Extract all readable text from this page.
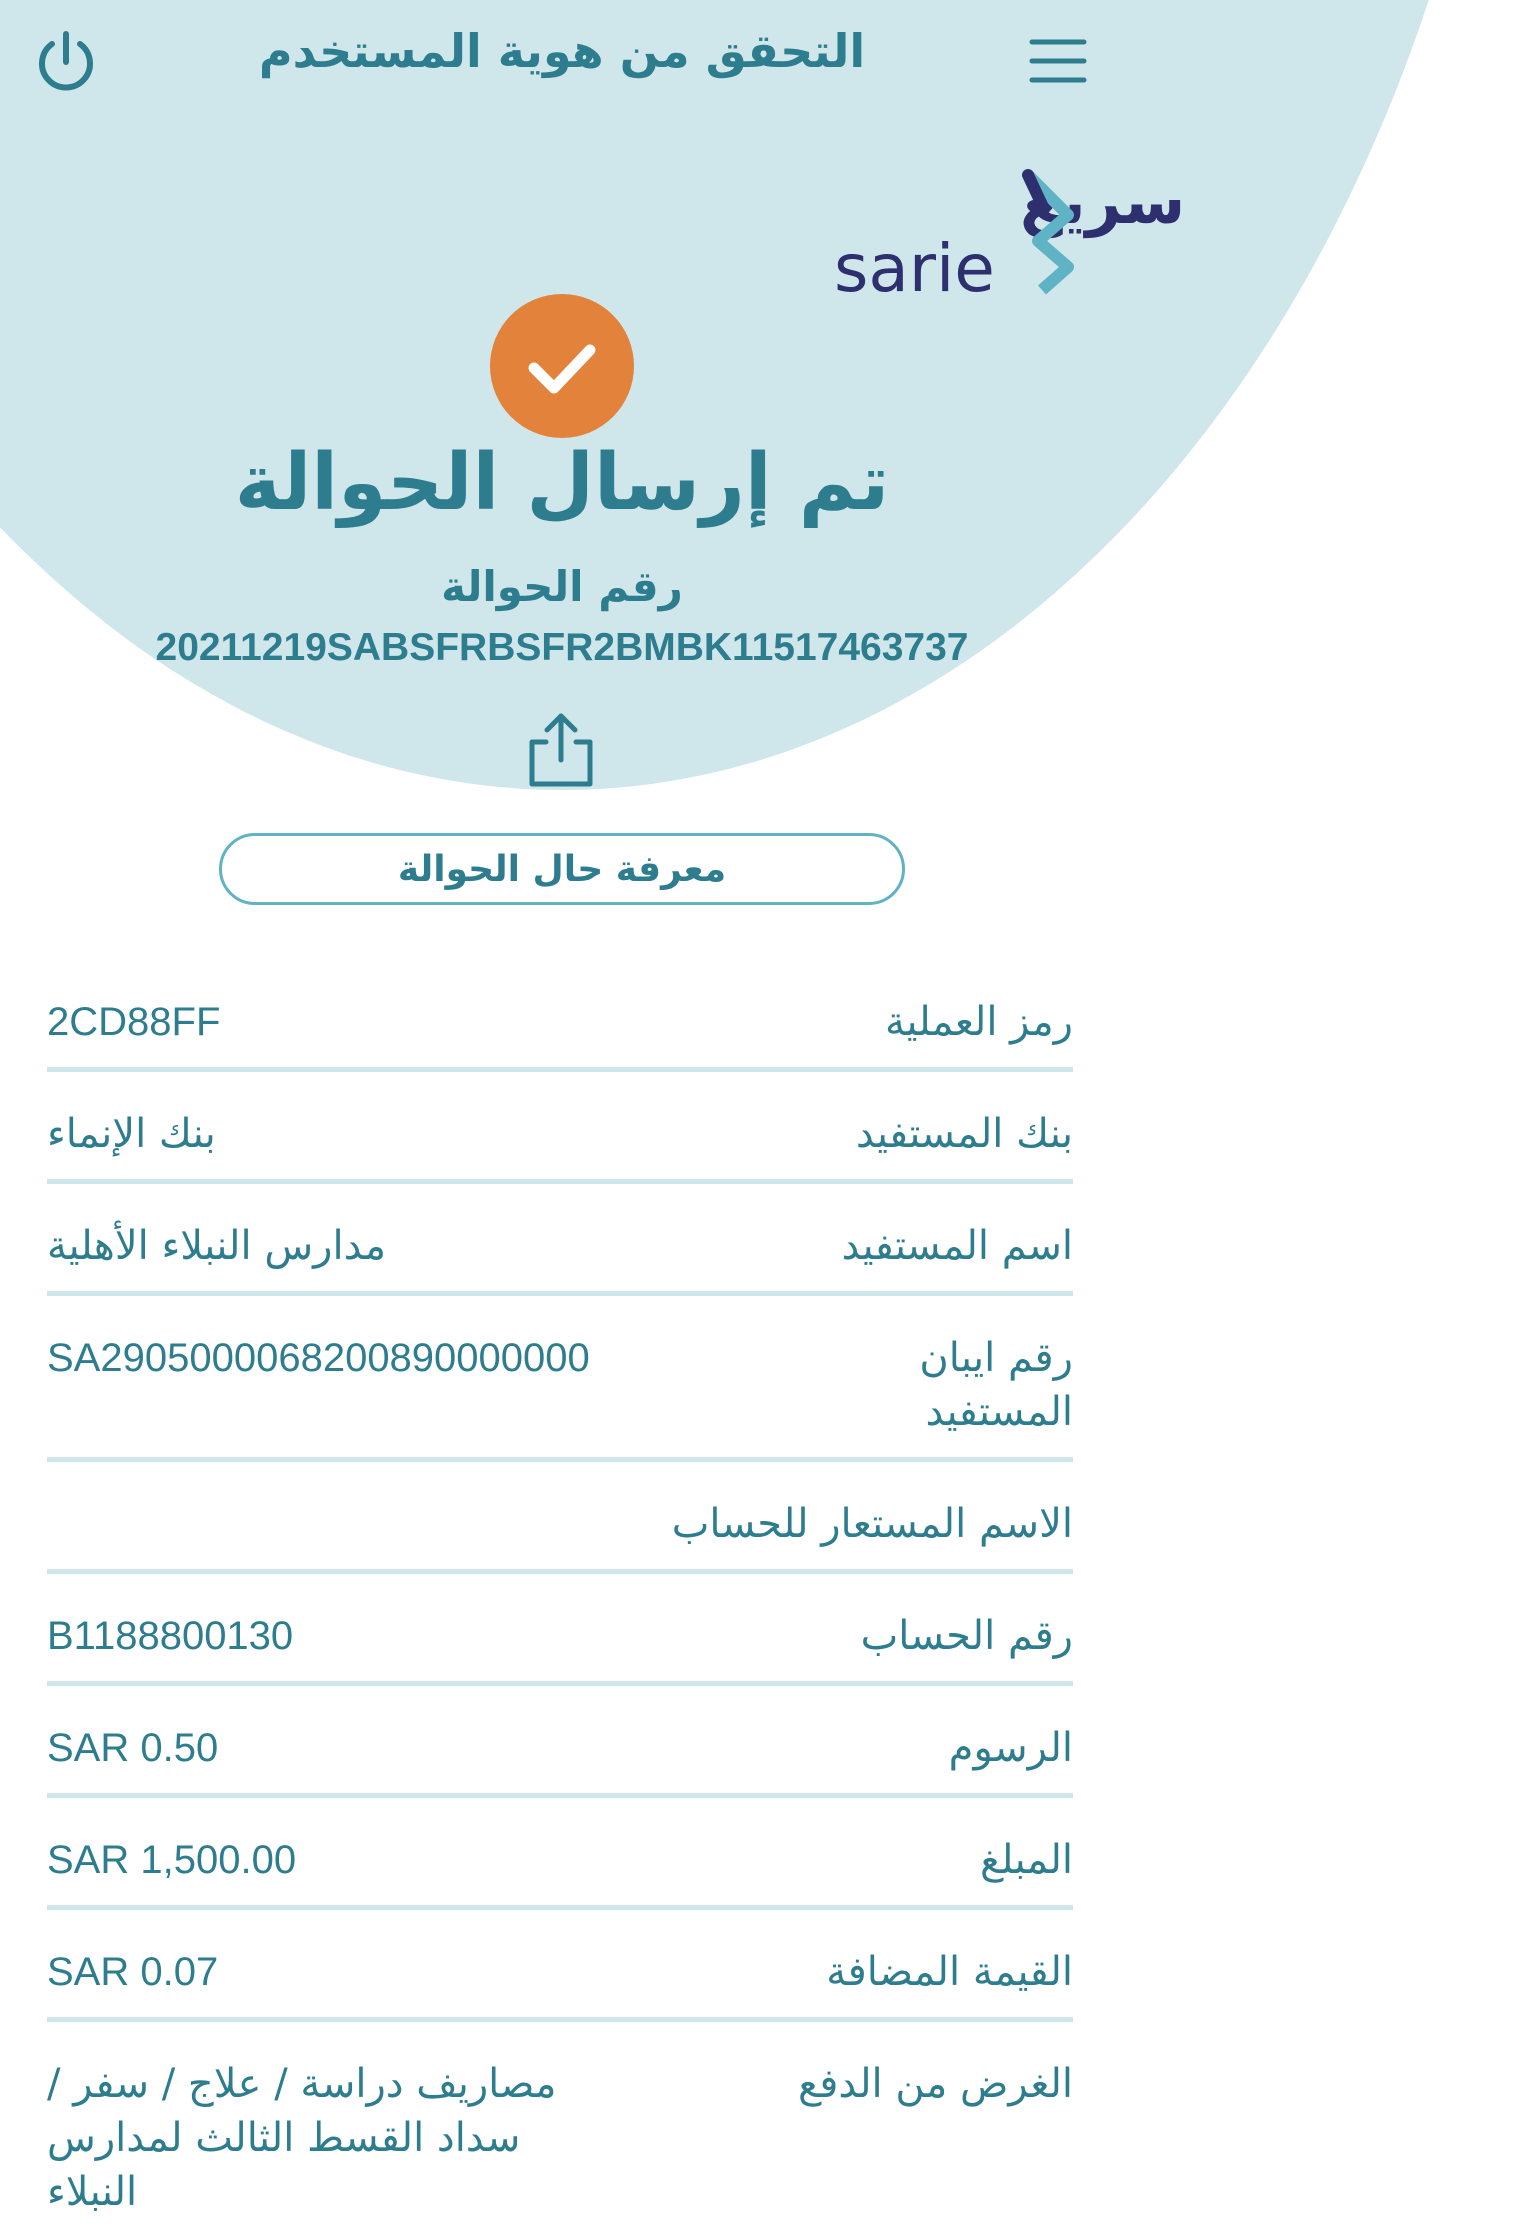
التحقق من هوية المستخدم
سريع
sarie
تم إرسال الحوالة
رقم الحوالة
20211219SABSFRBSFR2BMBK11517463737
معرفة حال الحوالة
رمز العملية
2CD88FF
بنك المستفيد
بنك الإنماء
اسم المستفيد
مدارس النبلاء الأهلية
رقم ايبان المستفيد
SA2905000068200890000000
الاسم المستعار للحساب
رقم الحساب
B1188800130
الرسوم
SAR 0.50
المبلغ
SAR 1,500.00
القيمة المضافة
SAR 0.07
الغرض من الدفع
مصاريف دراسة / علاج / سفر / سداد القسط الثالث لمدارس النبلاء
